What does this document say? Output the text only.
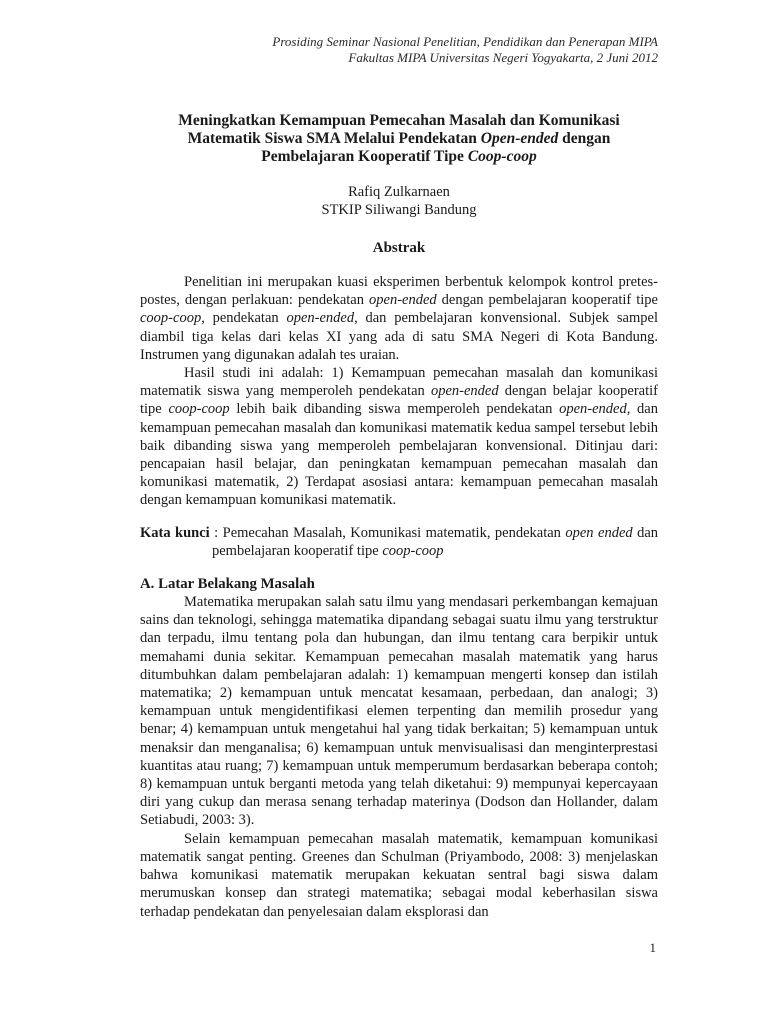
Prosiding Seminar Nasional Penelitian, Pendidikan dan Penerapan MIPA
Fakultas MIPA Universitas Negeri Yogyakarta, 2 Juni 2012
Meningkatkan Kemampuan Pemecahan Masalah dan Komunikasi
Matematik Siswa SMA Melalui Pendekatan Open-ended dengan
Pembelajaran Kooperatif Tipe Coop-coop
Rafiq Zulkarnaen
STKIP Siliwangi Bandung
Abstrak

Penelitian ini merupakan kuasi eksperimen berbentuk kelompok kontrol pretes-postes, dengan perlakuan: pendekatan open-ended dengan pembelajaran kooperatif tipe coop-coop, pendekatan open-ended, dan pembelajaran konvensional. Subjek sampel diambil tiga kelas dari kelas XI yang ada di satu SMA Negeri di Kota Bandung. Instrumen yang digunakan adalah tes uraian.

Hasil studi ini adalah: 1) Kemampuan pemecahan masalah dan komunikasi matematik siswa yang memperoleh pendekatan open-ended dengan belajar kooperatif tipe coop-coop lebih baik dibanding siswa memperoleh pendekatan open-ended, dan kemampuan pemecahan masalah dan komunikasi matematik kedua sampel tersebut lebih baik dibanding siswa yang memperoleh pembelajaran konvensional. Ditinjau dari: pencapaian hasil belajar, dan peningkatan kemampuan pemecahan masalah dan komunikasi matematik, 2) Terdapat asosiasi antara: kemampuan pemecahan masalah dengan kemampuan komunikasi matematik.

Kata kunci : Pemecahan Masalah, Komunikasi matematik, pendekatan open ended dan pembelajaran kooperatif tipe coop-coop
A. Latar Belakang Masalah

Matematika merupakan salah satu ilmu yang mendasari perkembangan kemajuan sains dan teknologi, sehingga matematika dipandang sebagai suatu ilmu yang terstruktur dan terpadu, ilmu tentang pola dan hubungan, dan ilmu tentang cara berpikir untuk memahami dunia sekitar. Kemampuan pemecahan masalah matematik yang harus ditumbuhkan dalam pembelajaran adalah: 1) kemampuan mengerti konsep dan istilah matematika; 2) kemampuan untuk mencatat kesamaan, perbedaan, dan analogi; 3) kemampuan untuk mengidentifikasi elemen terpenting dan memilih prosedur yang benar; 4) kemampuan untuk mengetahui hal yang tidak berkaitan; 5) kemampuan untuk menaksir dan menganalisa; 6) kemampuan untuk menvisualisasi dan menginterprestasi kuantitas atau ruang; 7) kemampuan untuk memperumum berdasarkan beberapa contoh; 8) kemampuan untuk berganti metoda yang telah diketahui: 9) mempunyai kepercayaan diri yang cukup dan merasa senang terhadap materinya (Dodson dan Hollander, dalam Setiabudi, 2003: 3).

Selain kemampuan pemecahan masalah matematik, kemampuan komunikasi matematik sangat penting. Greenes dan Schulman (Priyambodo, 2008: 3) menjelaskan bahwa komunikasi matematik merupakan kekuatan sentral bagi siswa dalam merumuskan konsep dan strategi matematika; sebagai modal keberhasilan siswa terhadap pendekatan dan penyelesaian dalam eksplorasi dan

1
